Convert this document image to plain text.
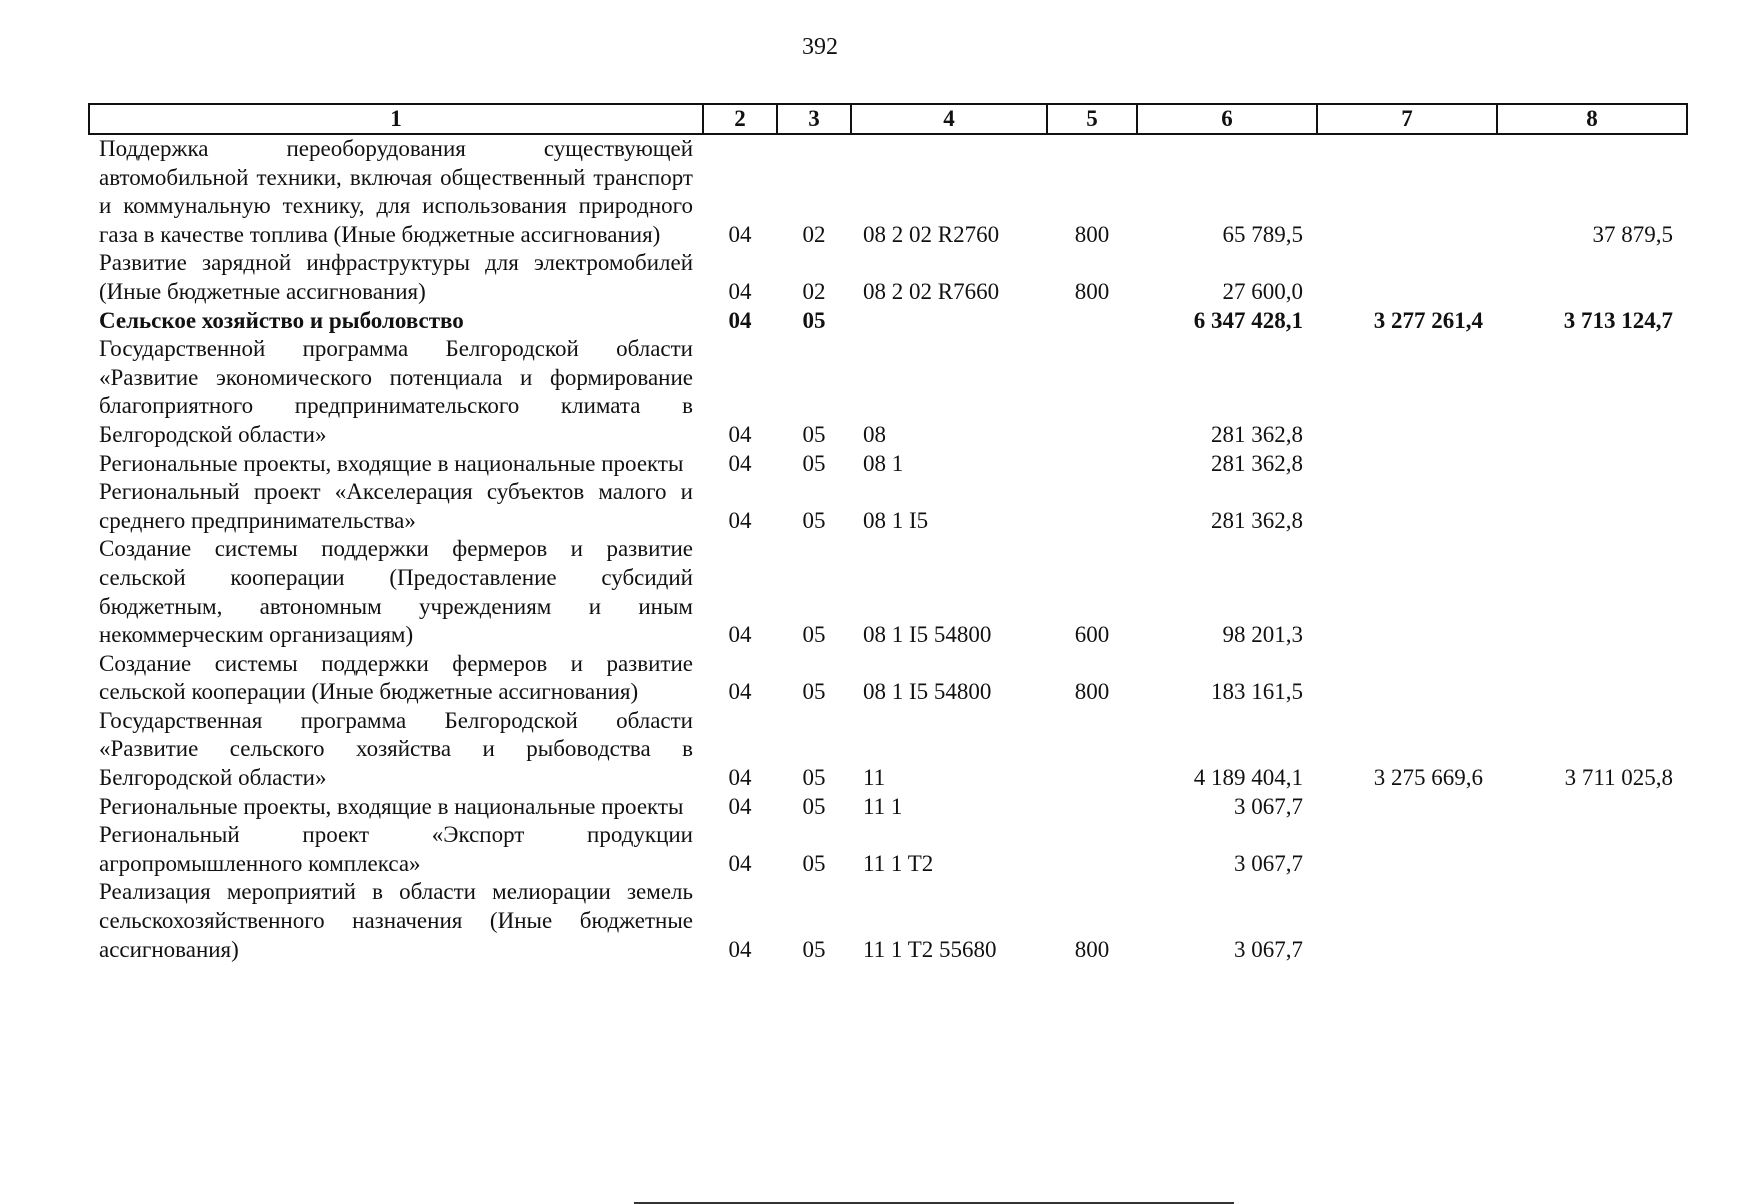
392
1	2	3	4	5	6	7	8
Поддержка переоборудования существующей автомобильной техники, включая общественный транспорт и коммунальную технику, для использования природного газа в качестве топлива (Иные бюджетные ассигнования)	04	02	08 2 02 R2760	800	65 789,5		37 879,5
Развитие зарядной инфраструктуры для электромобилей (Иные бюджетные ассигнования)	04	02	08 2 02 R7660	800	27 600,0		
Сельское хозяйство и рыболовство	04	05			6 347 428,1	3 277 261,4	3 713 124,7
Государственной программа Белгородской области «Развитие экономического потенциала и формирование благоприятного предпринимательского климата в Белгородской области»	04	05	08		281 362,8		
Региональные проекты, входящие в национальные проекты	04	05	08 1		281 362,8		
Региональный проект «Акселерация субъектов малого и среднего предпринимательства»	04	05	08 1 I5		281 362,8		
Создание системы поддержки фермеров и развитие сельской кооперации (Предоставление субсидий бюджетным, автономным учреждениям и иным некоммерческим организациям)	04	05	08 1 I5 54800	600	98 201,3		
Создание системы поддержки фермеров и развитие сельской кооперации (Иные бюджетные ассигнования)	04	05	08 1 I5 54800	800	183 161,5		
Государственная программа Белгородской области «Развитие сельского хозяйства и рыбоводства в Белгородской области»	04	05	11		4 189 404,1	3 275 669,6	3 711 025,8
Региональные проекты, входящие в национальные проекты	04	05	11 1		3 067,7		
Региональный проект «Экспорт продукции агропромышленного комплекса»	04	05	11 1 T2		3 067,7		
Реализация мероприятий в области мелиорации земель сельскохозяйственного назначения (Иные бюджетные ассигнования)	04	05	11 1 T2 55680	800	3 067,7		
